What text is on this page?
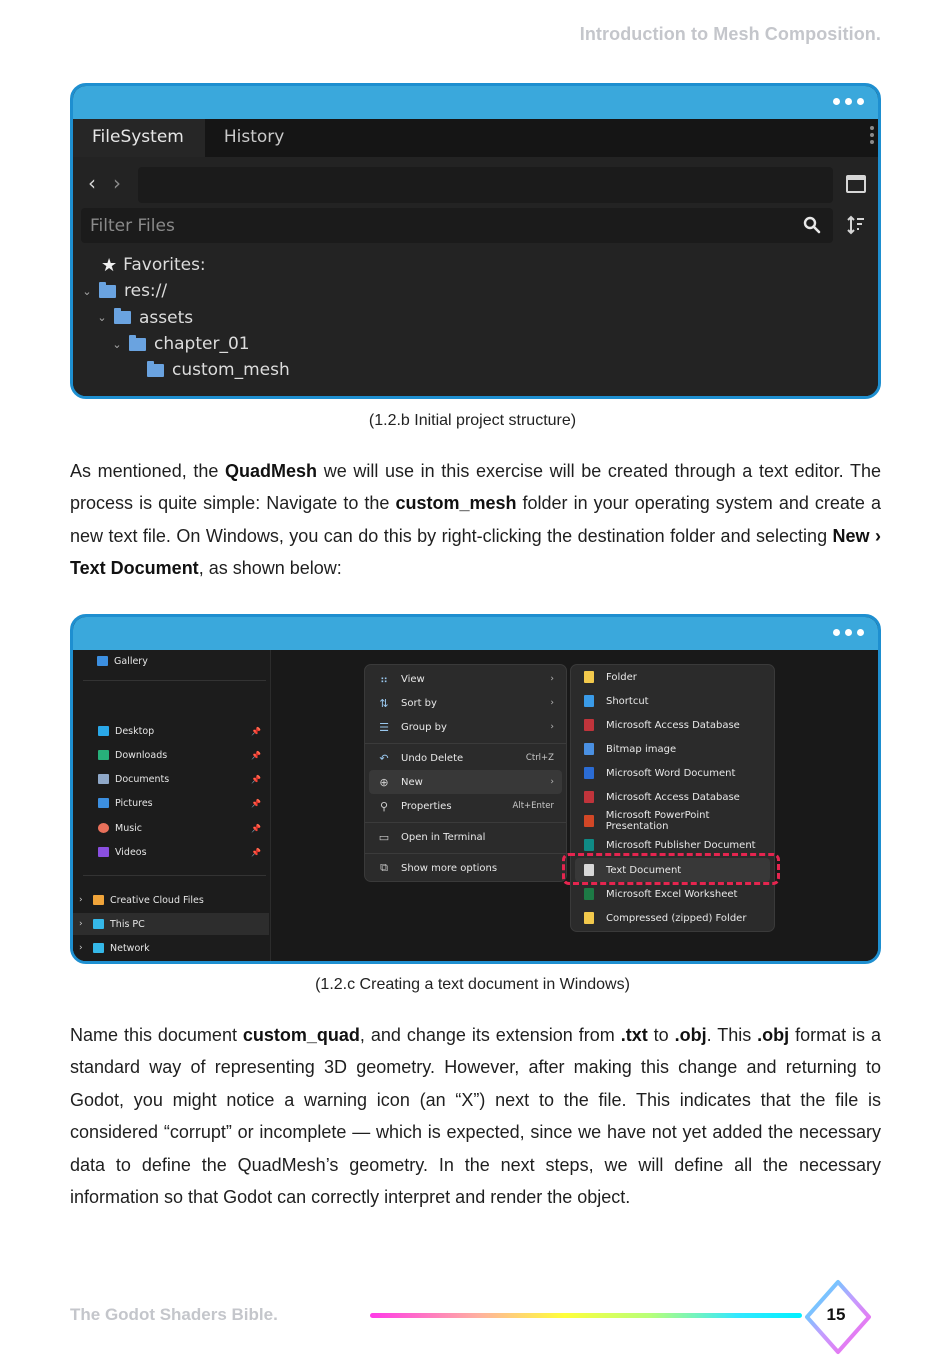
Introduction to Mesh Composition.
FileSystem	History
‹ ›
Filter Files
★ Favorites:
⌄ res://
⌄ assets
⌄ chapter_01
custom_mesh
(1.2.b Initial project structure)
As mentioned, the QuadMesh we will use in this exercise will be created through a text editor. The process is quite simple: Navigate to the custom_mesh folder in your operating system and create a new text file. On Windows, you can do this by right-clicking the destination folder and selecting New › Text Document, as shown below:
Gallery
Desktop	📌
Downloads	📌
Documents	📌
Pictures	📌
Music	📌
Videos	📌
›	Creative Cloud Files
›	This PC
›	Network
⠶	View	›
⇅	Sort by	›
☰	Group by	›
↶	Undo Delete	Ctrl+Z
⊕	New	›
⚲	Properties	Alt+Enter
▭	Open in Terminal
⧉	Show more options
Folder
Shortcut
Microsoft Access Database
Bitmap image
Microsoft Word Document
Microsoft Access Database
Microsoft PowerPoint Presentation
Microsoft Publisher Document
Text Document
Microsoft Excel Worksheet
Compressed (zipped) Folder
(1.2.c Creating a text document in Windows)
Name this document custom_quad, and change its extension from .txt to .obj. This .obj format is a standard way of representing 3D geometry. However, after making this change and returning to Godot, you might notice a warning icon (an “X”) next to the file. This indicates that the file is considered “corrupt” or incomplete — which is expected, since we have not yet added the necessary data to define the QuadMesh’s geometry. In the next steps, we will define all the necessary information so that Godot can correctly interpret and render the object.
The Godot Shaders Bible.	15
